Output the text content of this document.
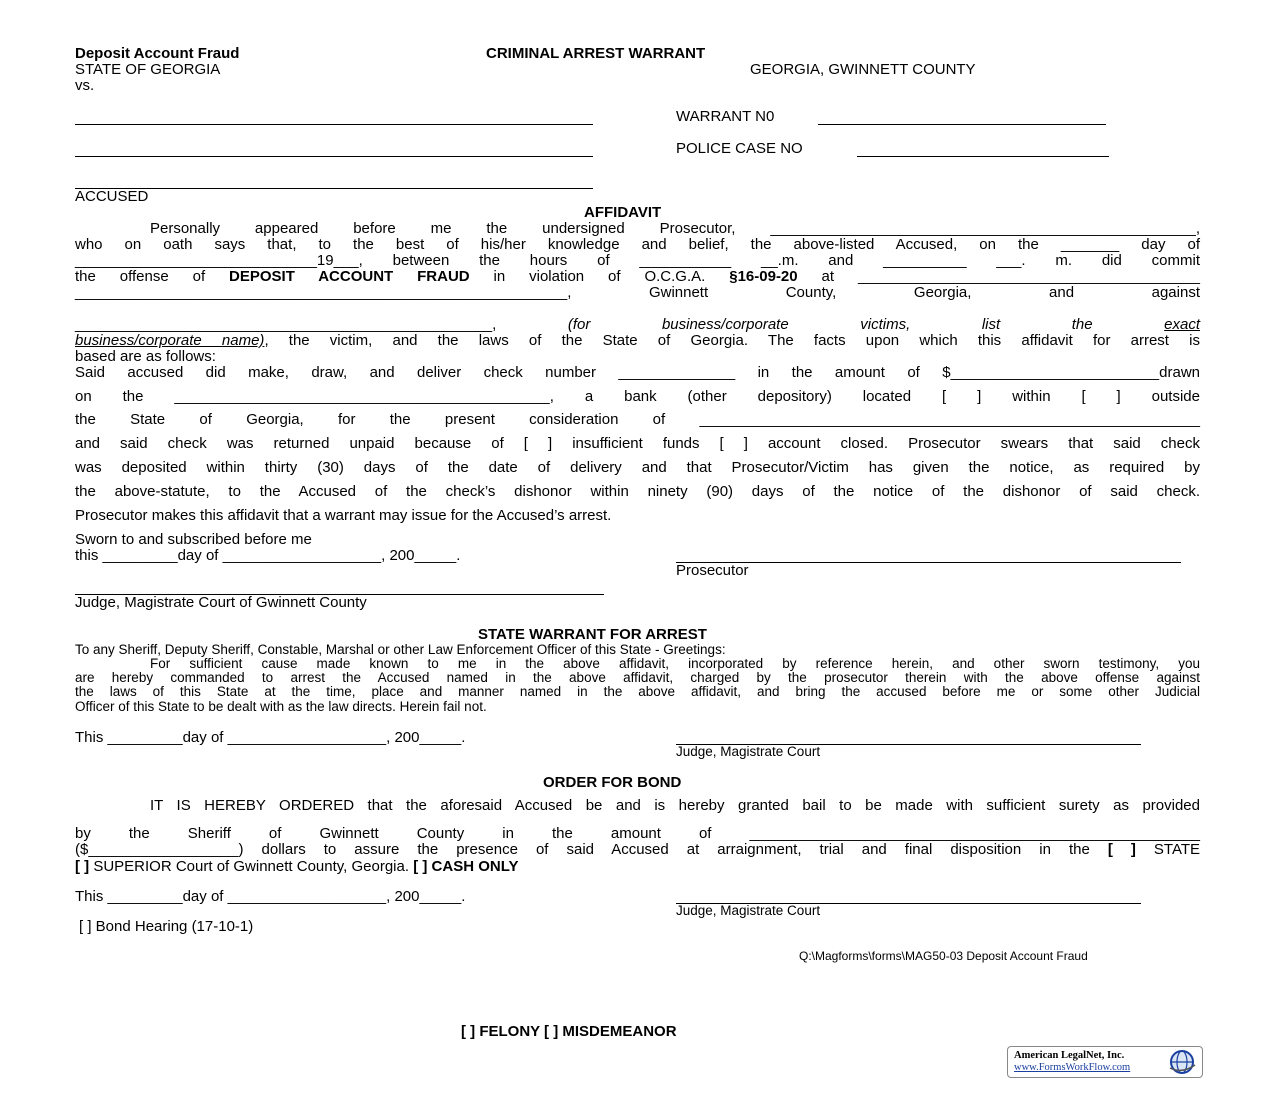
Deposit Account Fraud	CRIMINAL ARREST WARRANT
STATE OF GEORGIA	GEORGIA, GWINNETT COUNTY
vs.
WARRANT N0
POLICE CASE NO
ACCUSED
AFFIDAVIT
Personally appeared before me the undersigned Prosecutor, ___________________________________________________,
who on oath says that, to the best of his/her knowledge and belief, the above-listed Accused, on the _______ day of
_____________________________19___, between the hours of ___________ __.m. and __________ ___. m. did commit
the offense of DEPOSIT ACCOUNT FRAUD in violation of O.C.G.A. §16-09-20 at _________________________________________
___________________________________________________________, Gwinnett County, Georgia, and against
__________________________________________________,	(for business/corporate victims, list the exact
business/corporate name), the victim, and the laws of the State of Georgia. The facts upon which this affidavit for arrest is
based are as follows:
Said accused did make, draw, and deliver check number ______________ in the amount of $_________________________drawn
on the _____________________________________________, a bank (other depository) located [ ] within [ ] outside
the State of Georgia, for the present consideration of ____________________________________________________________
and said check was returned unpaid because of [ ] insufficient funds [ ] account closed. Prosecutor swears that said check
was deposited within thirty (30) days of the date of delivery and that Prosecutor/Victim has given the notice, as required by
the above-statute, to the Accused of the check’s dishonor within ninety (90) days of the notice of the dishonor of said check.
Prosecutor makes this affidavit that a warrant may issue for the Accused’s arrest.
Sworn to and subscribed before me
this _________day of ___________________, 200_____.
Prosecutor
Judge, Magistrate Court of Gwinnett County
STATE WARRANT FOR ARREST
To any Sheriff, Deputy Sheriff, Constable, Marshal or other Law Enforcement Officer of this State - Greetings:
For sufficient cause made known to me in the above affidavit, incorporated by reference herein, and other sworn testimony, you
are hereby commanded to arrest the Accused named in the above affidavit, charged by the prosecutor therein with the above offense against
the laws of this State at the time, place and manner named in the above affidavit, and bring the accused before me or some other Judicial
Officer of this State to be dealt with as the law directs. Herein fail not.
This _________day of ___________________, 200_____.
Judge, Magistrate Court
ORDER FOR BOND
IT IS HEREBY ORDERED that the aforesaid Accused be and is hereby granted bail to be made with sufficient surety as provided
by the Sheriff of Gwinnett County in the amount of ______________________________________________________
($__________________) dollars to assure the presence of said Accused at arraignment, trial and final disposition in the [ ] STATE
[ ] SUPERIOR Court of Gwinnett County, Georgia. [ ] CASH ONLY
This _________day of ___________________, 200_____.
Judge, Magistrate Court
[ ] Bond Hearing (17-10-1)
Q:\Magforms\forms\MAG50-03 Deposit Account Fraud
[ ] FELONY [ ] MISDEMEANOR
American LegalNet, Inc.
www.FormsWorkFlow.com
